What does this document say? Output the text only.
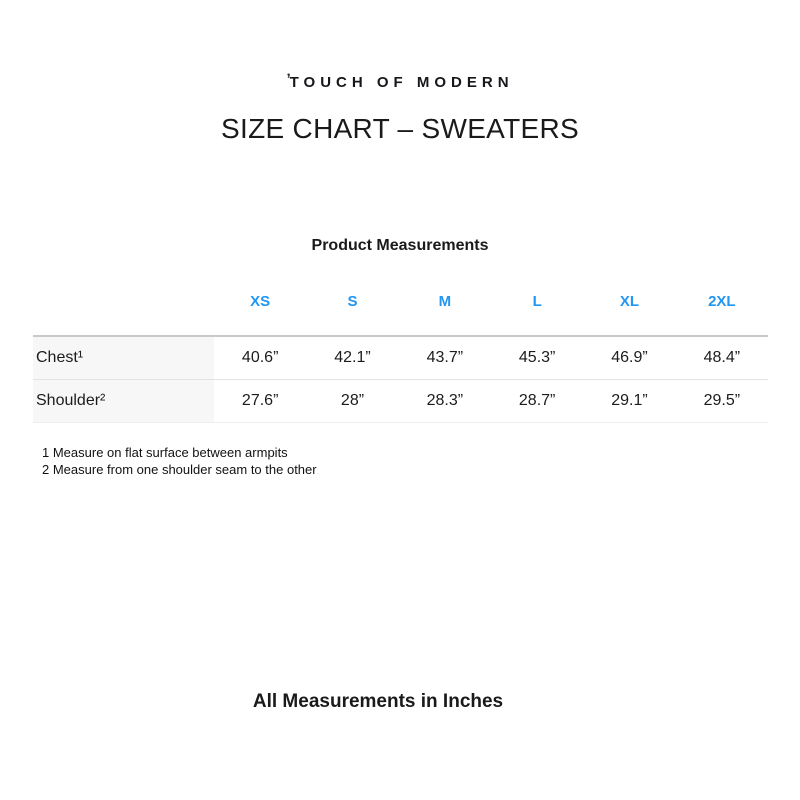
ʼTOUCH OF MODERN
SIZE CHART – SWEATERS
Product Measurements
	XS	S	M	L	XL	2XL
Chest¹	40.6”	42.1”	43.7”	45.3”	46.9”	48.4”
Shoulder²	27.6”	28”	28.3”	28.7”	29.1”	29.5”
1 Measure on flat surface between armpits
2 Measure from one shoulder seam to the other
All Measurements in Inches
